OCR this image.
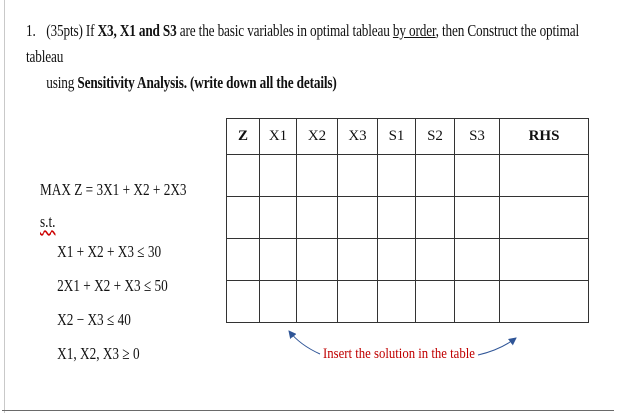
1. (35pts) If X3, X1 and S3 are the basic variables in optimal tableau by order, then Construct the optimal tableau
using Sensitivity Analysis. (write down all the details)
MAX Z = 3X1 + X2 + 2X3
s.t.
X1 + X2 + X3 ≤ 30
2X1 + X2 + X3 ≤ 50
X2 − X3 ≤ 40
X1, X2, X3 ≥ 0
Z	X1	X2	X3	S1	S2	S3	RHS

Insert the solution in the table
